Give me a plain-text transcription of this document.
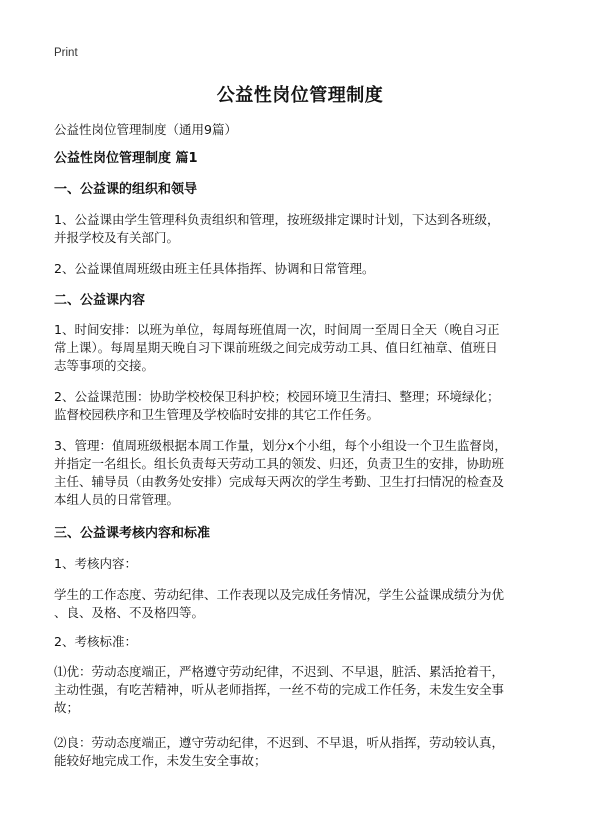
Print
公益性岗位管理制度

公益性岗位管理制度（通用9篇）

公益性岗位管理制度 篇1

一、公益课的组织和领导

1、公益课由学生管理科负责组织和管理，按班级排定课时计划，下达到各班级，
并报学校及有关部门。

2、公益课值周班级由班主任具体指挥、协调和日常管理。

二、公益课内容

1、时间安排：以班为单位，每周每班值周一次，时间周一至周日全天（晚自习正
常上课）。每周星期天晚自习下课前班级之间完成劳动工具、值日红袖章、值班日
志等事项的交接。

2、公益课范围：协助学校校保卫科护校；校园环境卫生清扫、整理；环境绿化；
监督校园秩序和卫生管理及学校临时安排的其它工作任务。

3、管理：值周班级根据本周工作量，划分x个小组，每个小组设一个卫生监督岗，
并指定一名组长。组长负责每天劳动工具的领发、归还，负责卫生的安排，协助班
主任、辅导员（由教务处安排）完成每天两次的学生考勤、卫生打扫情况的检查及
本组人员的日常管理。

三、公益课考核内容和标准

1、考核内容：

学生的工作态度、劳动纪律、工作表现以及完成任务情况，学生公益课成绩分为优
、良、及格、不及格四等。

2、考核标准：

⑴优：劳动态度端正，严格遵守劳动纪律，不迟到、不早退，脏活、累活抢着干，
主动性强，有吃苦精神，听从老师指挥，一丝不苟的完成工作任务，未发生安全事
故；

⑵良：劳动态度端正，遵守劳动纪律，不迟到、不早退，听从指挥，劳动较认真，
能较好地完成工作，未发生安全事故；
